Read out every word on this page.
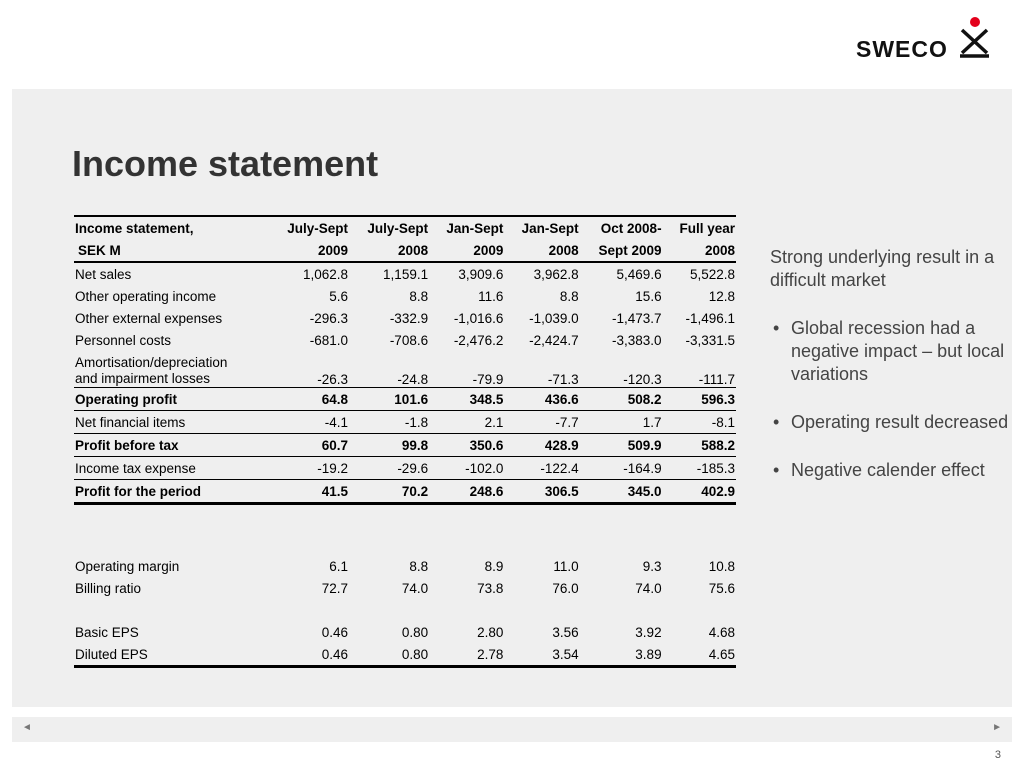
SWECO
Income statement
Income statement,	July-Sept	July-Sept	Jan-Sept	Jan-Sept	Oct 2008-	Full year
SEK M	2009	2008	2009	2008	Sept 2009	2008
Net sales	1,062.8	1,159.1	3,909.6	3,962.8	5,469.6	5,522.8
Other operating income	5.6	8.8	11.6	8.8	15.6	12.8
Other external expenses	-296.3	-332.9	-1,016.6	-1,039.0	-1,473.7	-1,496.1
Personnel costs	-681.0	-708.6	-2,476.2	-2,424.7	-3,383.0	-3,331.5
Amortisation/depreciation
and impairment losses	-26.3	-24.8	-79.9	-71.3	-120.3	-111.7
Operating profit	64.8	101.6	348.5	436.6	508.2	596.3
Net financial items	-4.1	-1.8	2.1	-7.7	1.7	-8.1
Profit before tax	60.7	99.8	350.6	428.9	509.9	588.2
Income tax expense	-19.2	-29.6	-102.0	-122.4	-164.9	-185.3
Profit for the period	41.5	70.2	248.6	306.5	345.0	402.9

Operating margin	6.1	8.8	8.9	11.0	9.3	10.8
Billing ratio	72.7	74.0	73.8	76.0	74.0	75.6

Basic EPS	0.46	0.80	2.80	3.56	3.92	4.68
Diluted EPS	0.46	0.80	2.78	3.54	3.89	4.65
Strong underlying result in a difficult market
• Global recession had a negative impact – but local variations
• Operating result decreased
• Negative calender effect
◄	►
3
